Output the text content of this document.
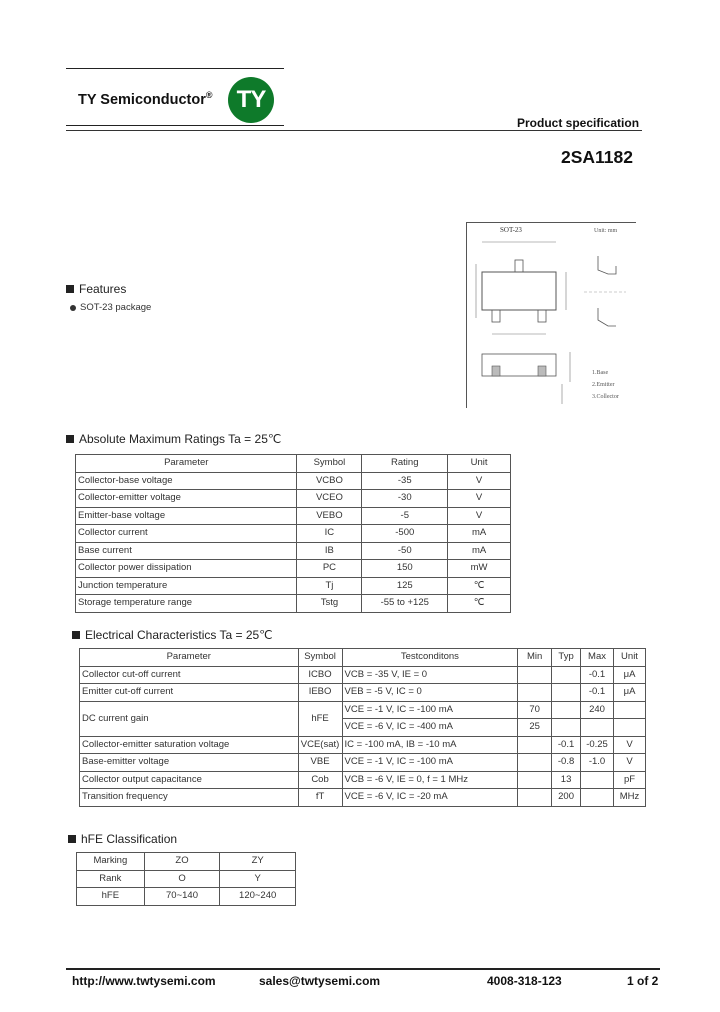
TY Semiconductor® TY
Product specification
2SA1182
SOT-23	Unit: mm
1.Base
2.Emitter
3.Collector
Features
SOT-23 package
Absolute Maximum Ratings Ta = 25℃
Parameter	Symbol	Rating	Unit
Collector-base voltage	VCBO	-35	V
Collector-emitter voltage	VCEO	-30	V
Emitter-base voltage	VEBO	-5	V
Collector current	IC	-500	mA
Base current	IB	-50	mA
Collector power dissipation	PC	150	mW
Junction temperature	Tj	125	℃
Storage temperature range	Tstg	-55 to +125	℃
Electrical Characteristics Ta = 25℃
Parameter	Symbol	Testconditons	Min	Typ	Max	Unit
Collector cut-off current	ICBO	VCB = -35 V, IE = 0			-0.1	μA
Emitter cut-off current	IEBO	VEB = -5 V, IC = 0			-0.1	μA
DC current gain	hFE	VCE = -1 V, IC = -100 mA	70		240	
		VCE = -6 V, IC = -400 mA	25			
Collector-emitter saturation voltage	VCE(sat)	IC = -100 mA, IB = -10 mA		-0.1	-0.25	V
Base-emitter voltage	VBE	VCE = -1 V, IC = -100 mA		-0.8	-1.0	V
Collector output capacitance	Cob	VCB = -6 V, IE = 0, f = 1 MHz		13		pF
Transition frequency	fT	VCE = -6 V, IC = -20 mA		200		MHz
hFE Classification
Marking	ZO	ZY
Rank	O	Y
hFE	70~140	120~240
http://www.twtysemi.com	sales@twtysemi.com	4008-318-123	1 of 2
